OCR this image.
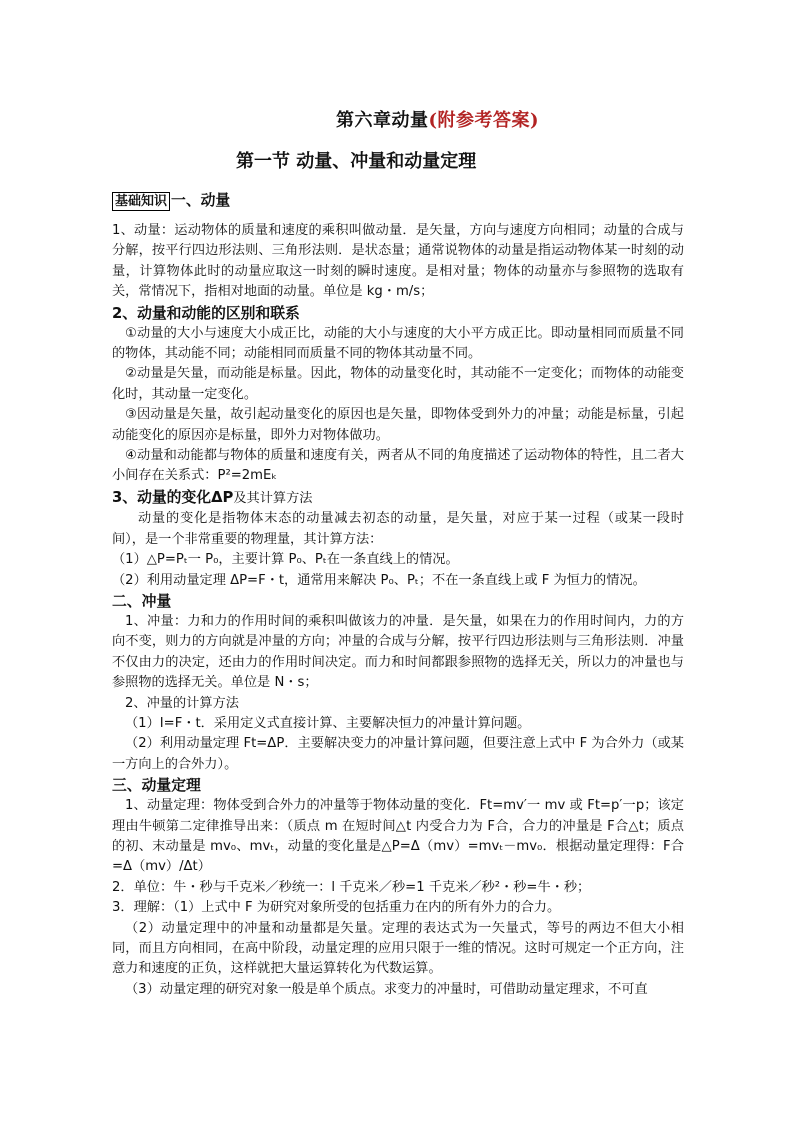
第六章动量(附参考答案)
第一节 动量、冲量和动量定理

基础知识 一、动量

1、动量：运动物体的质量和速度的乘积叫做动量．是矢量，方向与速度方向相同；动量的合成与分解，按平行四边形法则、三角形法则．是状态量；通常说物体的动量是指运动物体某一时刻的动量，计算物体此时的动量应取这一时刻的瞬时速度。是相对量；物体的动量亦与参照物的选取有关，常情况下，指相对地面的动量。单位是 kg・m/s；

2、动量和动能的区别和联系

①动量的大小与速度大小成正比，动能的大小与速度的大小平方成正比。即动量相同而质量不同的物体，其动能不同；动能相同而质量不同的物体其动量不同。

②动量是矢量，而动能是标量。因此，物体的动量变化时，其动能不一定变化；而物体的动能变化时，其动量一定变化。

③因动量是矢量，故引起动量变化的原因也是矢量，即物体受到外力的冲量；动能是标量，引起动能变化的原因亦是标量，即外力对物体做功。

④动量和动能都与物体的质量和速度有关，两者从不同的角度描述了运动物体的特性，且二者大小间存在关系式：P²=2mEₖ

3、动量的变化ΔP及其计算方法

动量的变化是指物体末态的动量减去初态的动量，是矢量，对应于某一过程（或某一段时间），是一个非常重要的物理量，其计算方法：

（1）△P=Pₜ一 P₀，主要计算 P₀、Pₜ在一条直线上的情况。

（2）利用动量定理 ΔP=F・t，通常用来解决 P₀、Pₜ；不在一条直线上或 F 为恒力的情况。

二、冲量

1、冲量：力和力的作用时间的乘积叫做该力的冲量．是矢量，如果在力的作用时间内，力的方向不变，则力的方向就是冲量的方向；冲量的合成与分解，按平行四边形法则与三角形法则．冲量不仅由力的决定，还由力的作用时间决定。而力和时间都跟参照物的选择无关，所以力的冲量也与参照物的选择无关。单位是 N・s；

2、冲量的计算方法

（1）I=F・t．采用定义式直接计算、主要解决恒力的冲量计算问题。

（2）利用动量定理 Ft=ΔP．主要解决变力的冲量计算问题，但要注意上式中 F 为合外力（或某一方向上的合外力）。

三、动量定理

1、动量定理：物体受到合外力的冲量等于物体动量的变化．Ft=mv′一 mv 或 Ft=p′一p；该定理由牛顿第二定律推导出来：（质点 m 在短时间△t 内受合力为 F合，合力的冲量是 F合△t；质点的初、末动量是 mv₀、mvₜ，动量的变化量是△P=Δ（mv）=mvₜ－mv₀．根据动量定理得：F合=Δ（mv）/Δt）

2．单位：牛・秒与千克米／秒统一：l 千克米／秒=1 千克米／秒²・秒=牛・秒；

3．理解：（1）上式中 F 为研究对象所受的包括重力在内的所有外力的合力。

（2）动量定理中的冲量和动量都是矢量。定理的表达式为一矢量式，等号的两边不但大小相同，而且方向相同，在高中阶段，动量定理的应用只限于一维的情况。这时可规定一个正方向，注意力和速度的正负，这样就把大量运算转化为代数运算。

（3）动量定理的研究对象一般是单个质点。求变力的冲量时，可借助动量定理求，不可直
